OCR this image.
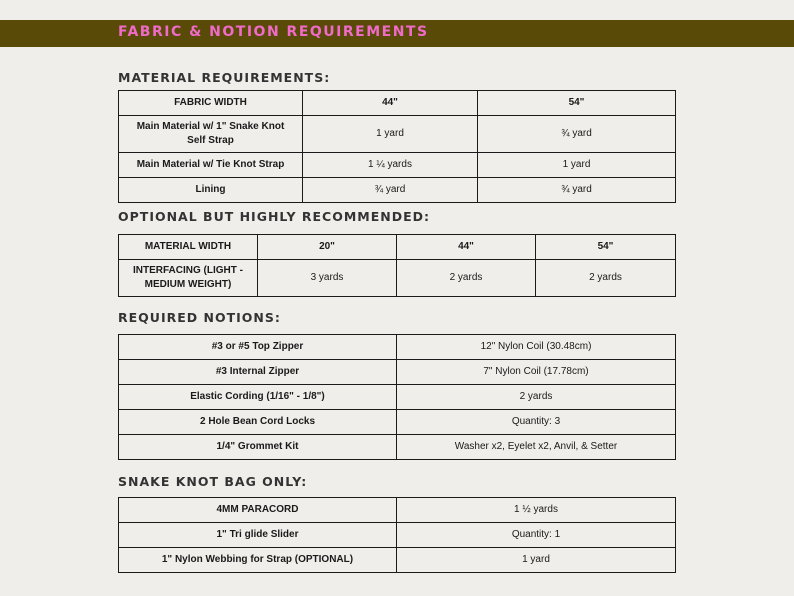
FABRIC & NOTION REQUIREMENTS
MATERIAL REQUIREMENTS:
FABRIC WIDTH	44"	54"
Main Material w/ 1" Snake Knot Self Strap	1 yard	¾ yard
Main Material w/ Tie Knot Strap	1 ¼ yards	1 yard
Lining	¾ yard	¾ yard
OPTIONAL BUT HIGHLY RECOMMENDED:
MATERIAL WIDTH	20"	44"	54"
INTERFACING (LIGHT - MEDIUM WEIGHT)	3 yards	2 yards	2 yards
REQUIRED NOTIONS:
#3 or #5 Top Zipper	12" Nylon Coil (30.48cm)
#3 Internal Zipper	7" Nylon Coil (17.78cm)
Elastic Cording (1/16" - 1/8")	2 yards
2 Hole Bean Cord Locks	Quantity: 3
1/4" Grommet Kit	Washer x2, Eyelet x2, Anvil, & Setter
SNAKE KNOT BAG ONLY:
4MM PARACORD	1 ½ yards
1" Tri glide Slider	Quantity: 1
1" Nylon Webbing for Strap (OPTIONAL)	1 yard
